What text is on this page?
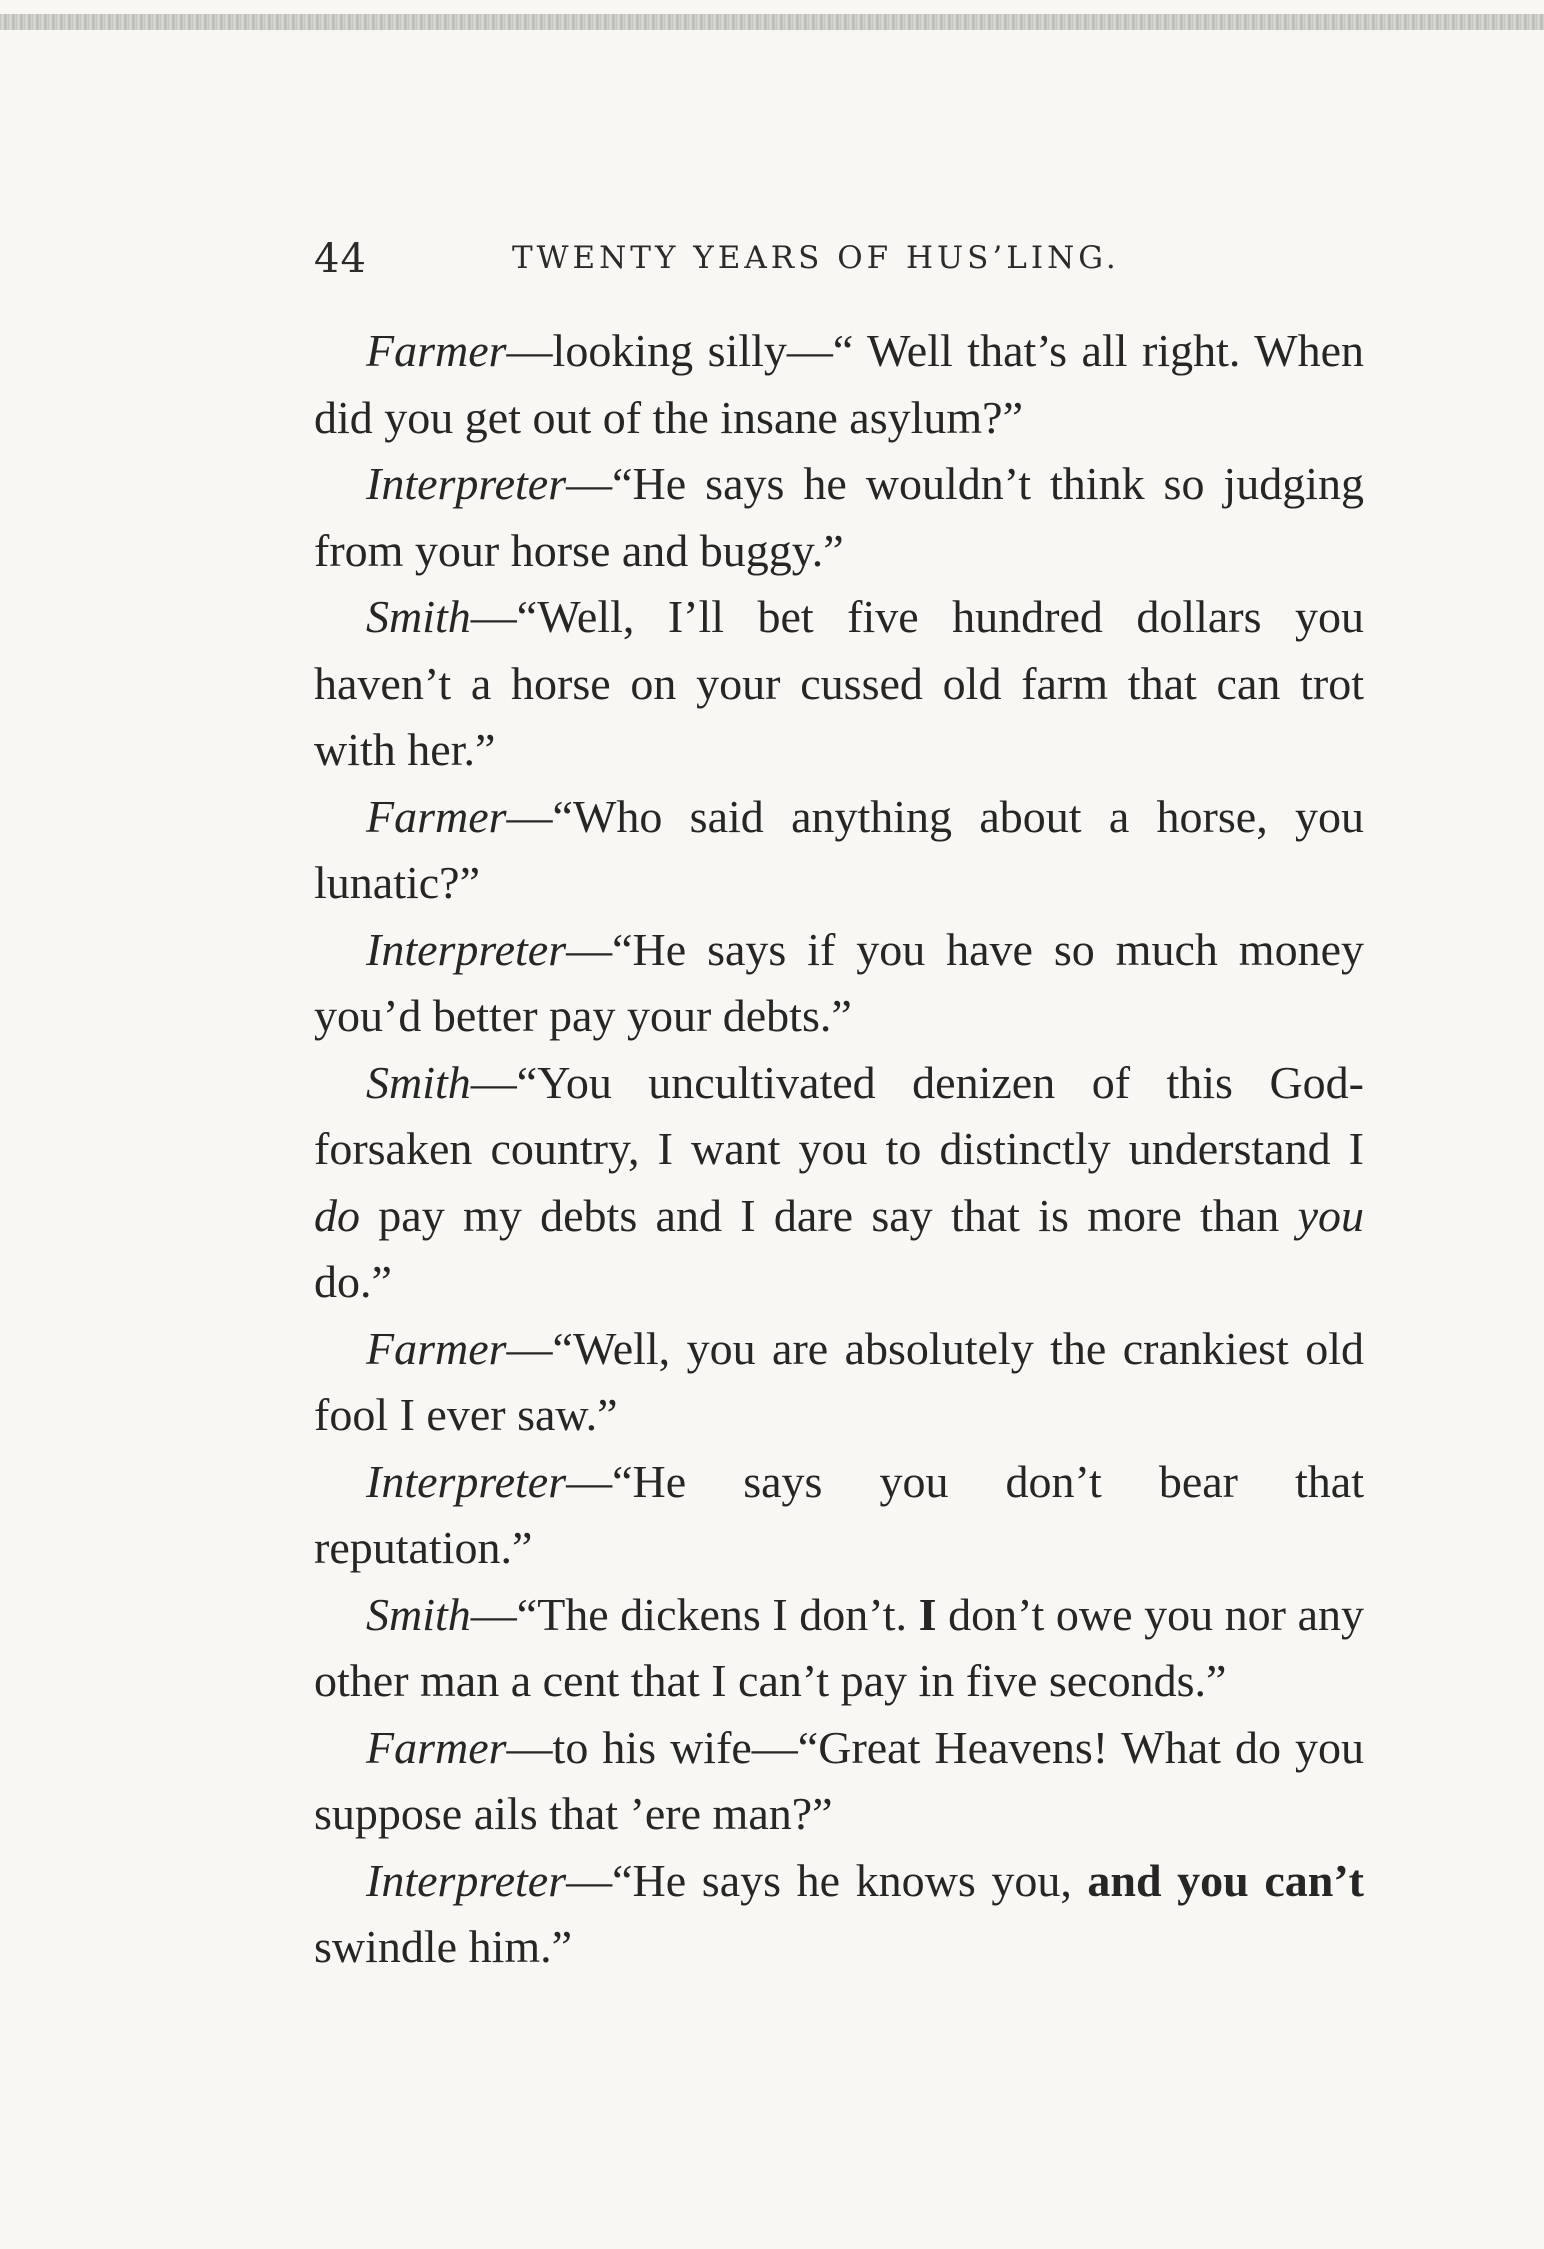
44	TWENTY YEARS OF HUS’LING.

Farmer—looking silly—“ Well that’s all right. When did you get out of the insane asylum?”

Interpreter—“He says he wouldn’t think so judging from your horse and buggy.”

Smith—“Well, I’ll bet five hundred dollars you haven’t a horse on your cussed old farm that can trot with her.”

Farmer—“Who said anything about a horse, you lunatic?”

Interpreter—“He says if you have so much money you’d better pay your debts.”

Smith—“You uncultivated denizen of this God-forsaken country, I want you to distinctly understand I do pay my debts and I dare say that is more than you do.”

Farmer—“Well, you are absolutely the crankiest old fool I ever saw.”

Interpreter—“He says you don’t bear that reputation.”

Smith—“The dickens I don’t. I don’t owe you nor any other man a cent that I can’t pay in five seconds.”

Farmer—to his wife—“Great Heavens! What do you suppose ails that ’ere man?”

Interpreter—“He says he knows you, and you can’t swindle him.”
